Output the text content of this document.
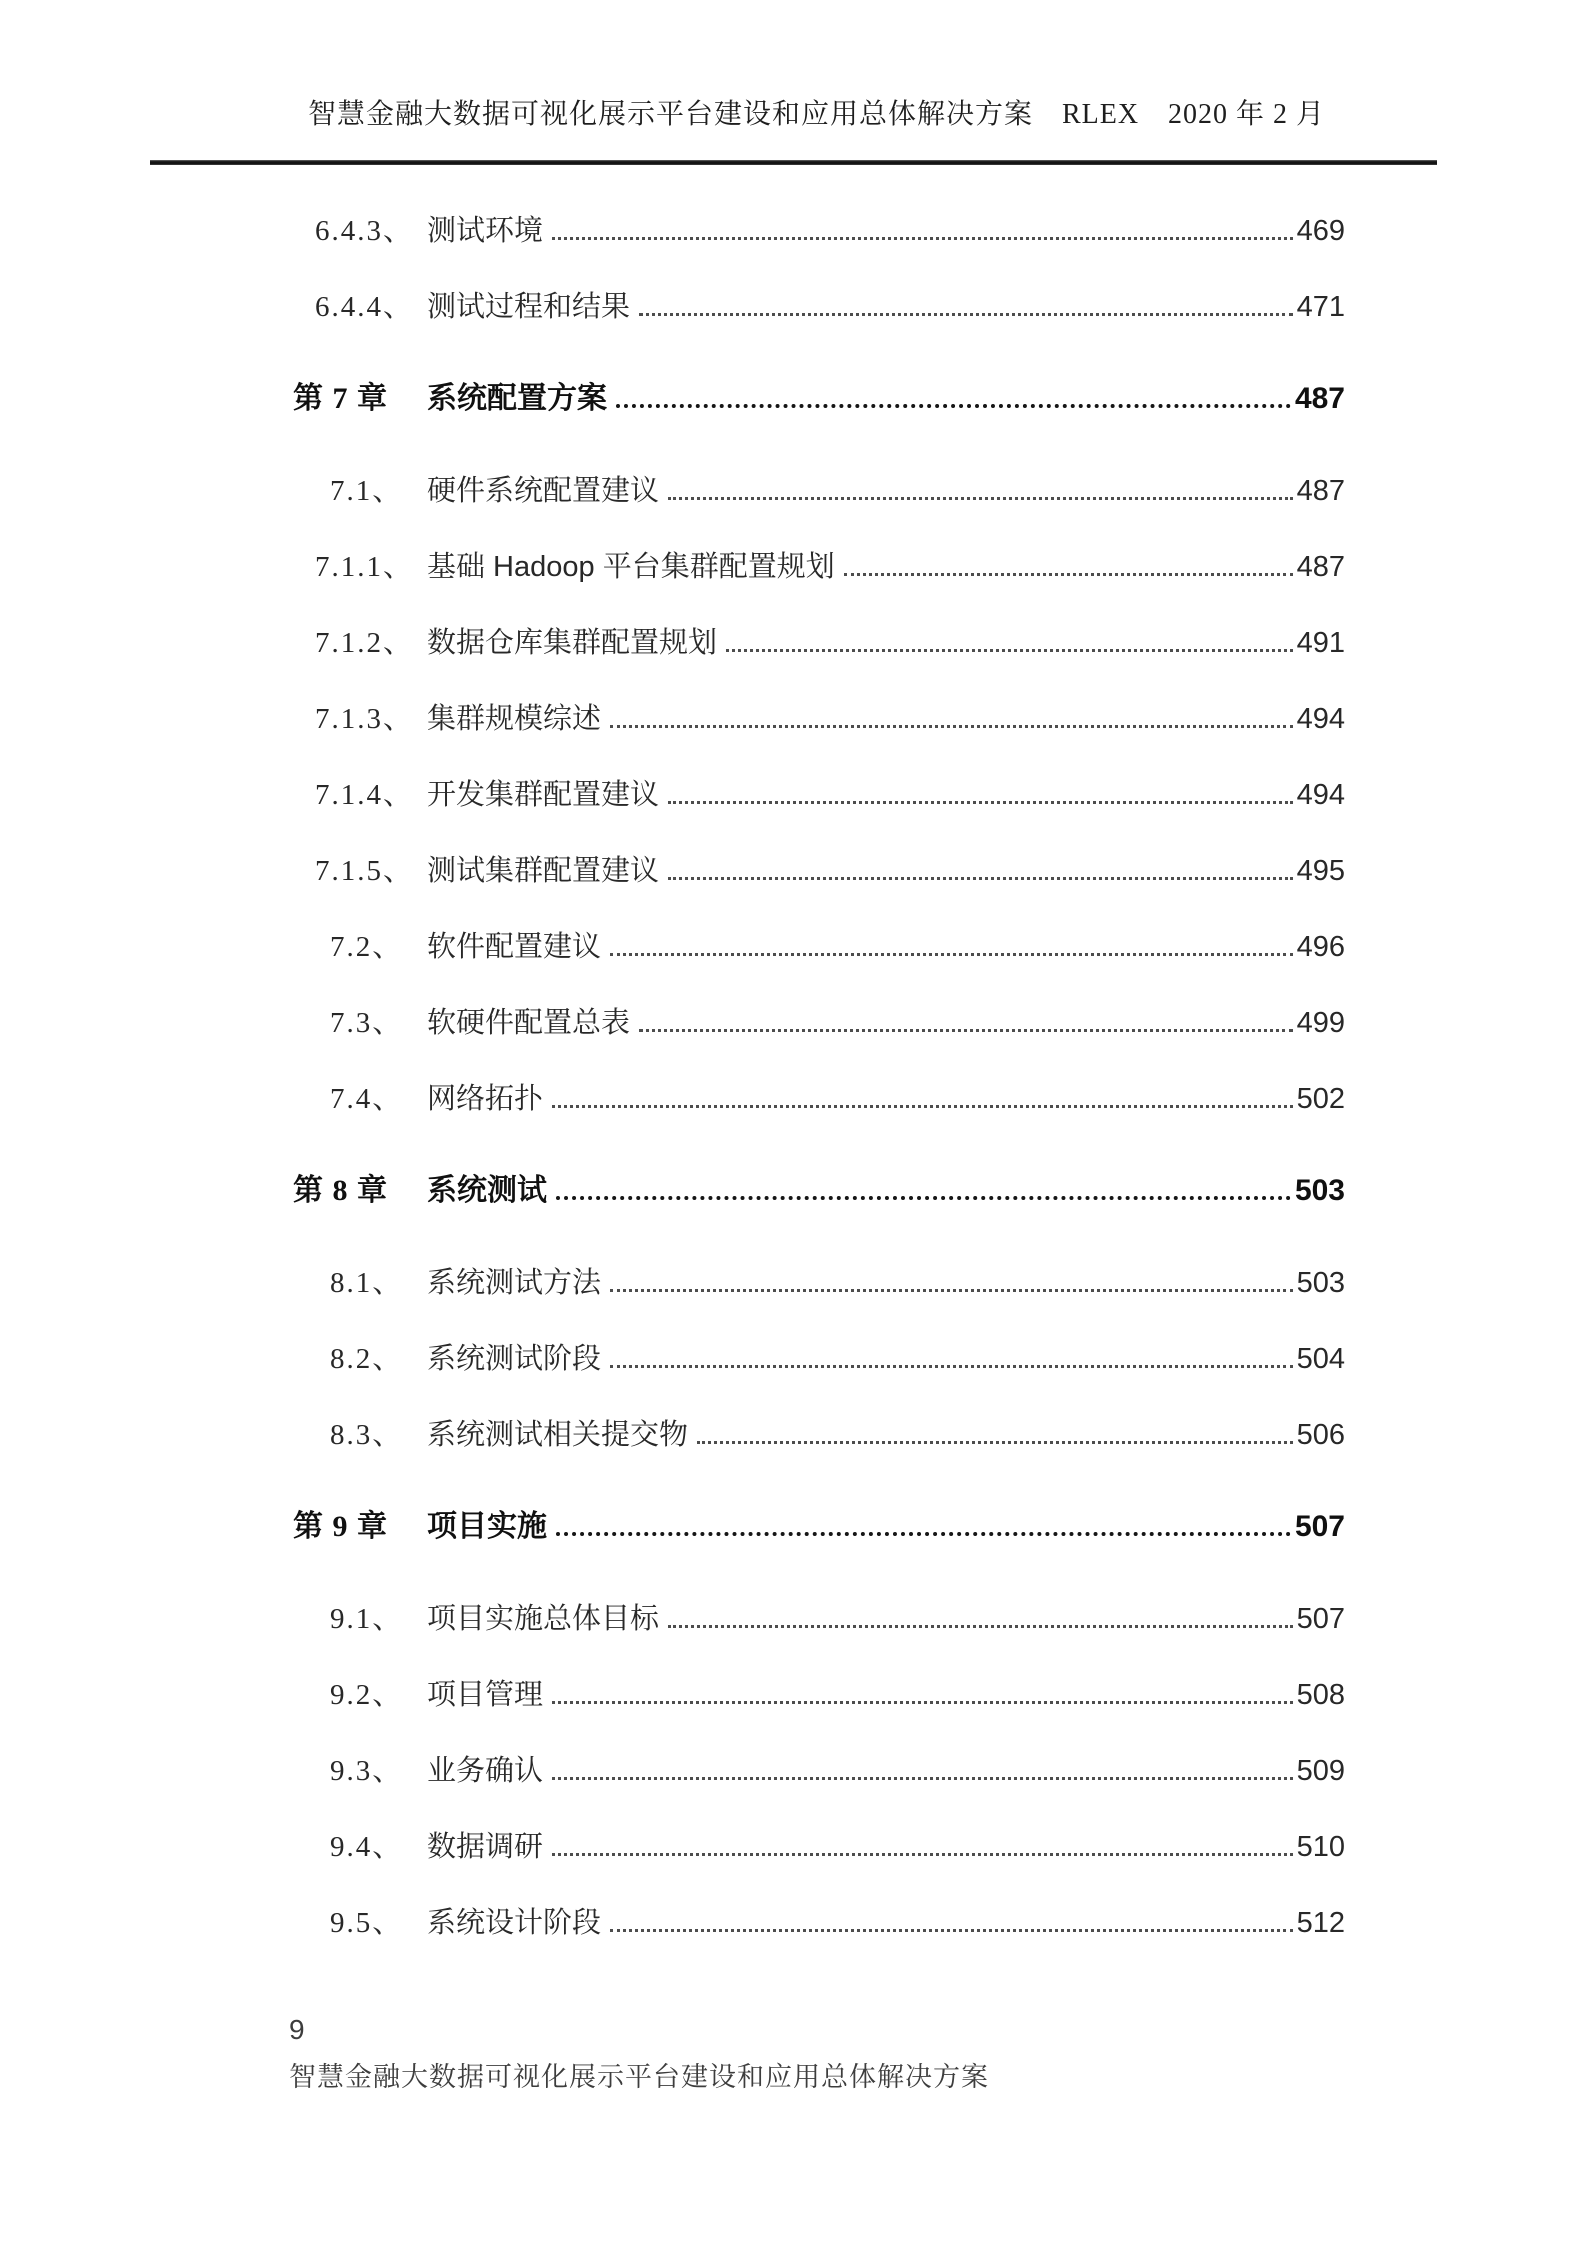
智慧金融大数据可视化展示平台建设和应用总体解决方案　RLEX　2020 年 2 月
6.4.3、 测试环境	469
6.4.4、 测试过程和结果	471
第 7 章	系统配置方案	487
7.1、 硬件系统配置建议	487
7.1.1、 基础 Hadoop 平台集群配置规划	487
7.1.2、 数据仓库集群配置规划	491
7.1.3、 集群规模综述	494
7.1.4、 开发集群配置建议	494
7.1.5、 测试集群配置建议	495
7.2、 软件配置建议	496
7.3、 软硬件配置总表	499
7.4、 网络拓扑	502
第 8 章	系统测试	503
8.1、 系统测试方法	503
8.2、 系统测试阶段	504
8.3、 系统测试相关提交物	506
第 9 章	项目实施	507
9.1、 项目实施总体目标	507
9.2、 项目管理	508
9.3、 业务确认	509
9.4、 数据调研	510
9.5、 系统设计阶段	512
9
智慧金融大数据可视化展示平台建设和应用总体解决方案
